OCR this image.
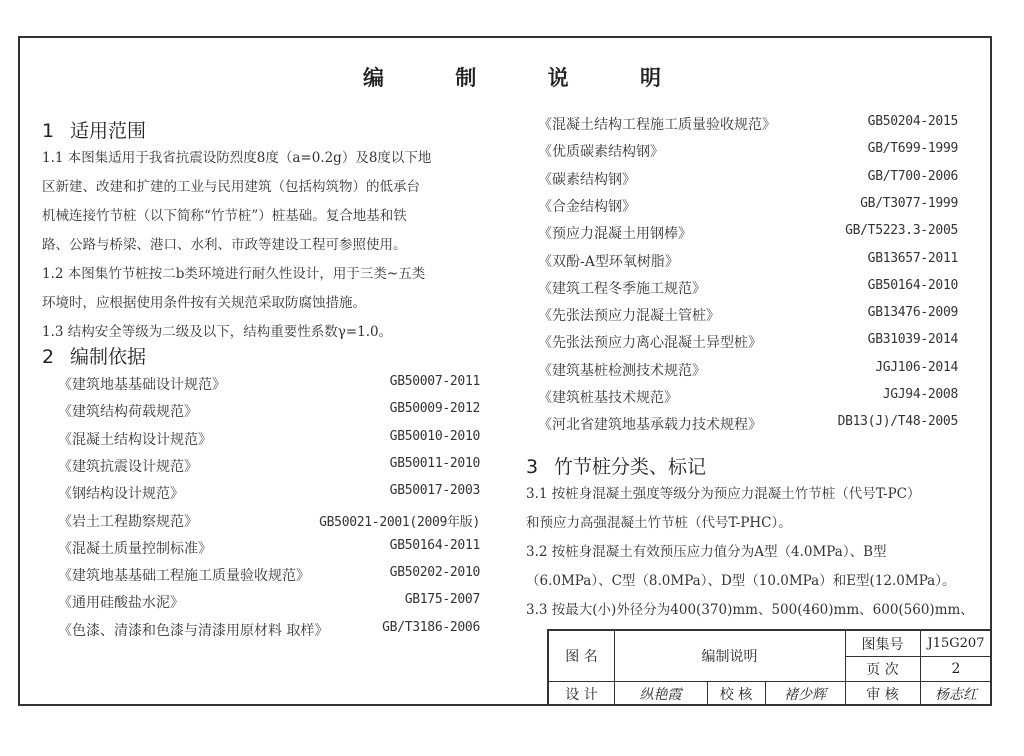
编 制 说 明
1 适用范围

1.1 本图集适用于我省抗震设防烈度8度（a=0.2g）及8度以下地

区新建、改建和扩建的工业与民用建筑（包括构筑物）的低承台

机械连接竹节桩（以下简称“竹节桩”）桩基础。复合地基和铁

路、公路与桥梁、港口、水利、市政等建设工程可参照使用。

1.2 本图集竹节桩按二b类环境进行耐久性设计，用于三类~五类

环境时，应根据使用条件按有关规范采取防腐蚀措施。

1.3 结构安全等级为二级及以下，结构重要性系数γ=1.0。

2 编制依据
《建筑地基基础设计规范》	GB50007-2011
《建筑结构荷载规范》	GB50009-2012
《混凝土结构设计规范》	GB50010-2010
《建筑抗震设计规范》	GB50011-2010
《钢结构设计规范》	GB50017-2003
《岩土工程勘察规范》	GB50021-2001(2009年版)
《混凝土质量控制标准》	GB50164-2011
《建筑地基基础工程施工质量验收规范》	GB50202-2010
《通用硅酸盐水泥》	GB175-2007
《色漆、清漆和色漆与清漆用原材料 取样》	GB/T3186-2006
《混凝土结构工程施工质量验收规范》	GB50204-2015
《优质碳素结构钢》	GB/T699-1999
《碳素结构钢》	GB/T700-2006
《合金结构钢》	GB/T3077-1999
《预应力混凝土用钢棒》	GB/T5223.3-2005
《双酚-A型环氧树脂》	GB13657-2011
《建筑工程冬季施工规范》	GB50164-2010
《先张法预应力混凝土管桩》	GB13476-2009
《先张法预应力离心混凝土异型桩》	GB31039-2014
《建筑基桩检测技术规范》	JGJ106-2014
《建筑桩基技术规范》	JGJ94-2008
《河北省建筑地基承载力技术规程》	DB13(J)/T48-2005
3 竹节桩分类、标记

3.1 按桩身混凝土强度等级分为预应力混凝土竹节桩（代号T-PC）

和预应力高强混凝土竹节桩（代号T-PHC）。

3.2 按桩身混凝土有效预压应力值分为A型（4.0MPa）、B型

（6.0MPa）、C型（8.0MPa）、D型（10.0MPa）和E型(12.0MPa）。

3.3 按最大(小)外径分为400(370)mm、500(460)mm、600(560)mm、

图 名	编制说明
图集号	J15G207
页 次	2
设 计	纵艳霞	校 核	褚少辉	审 核	杨志红
